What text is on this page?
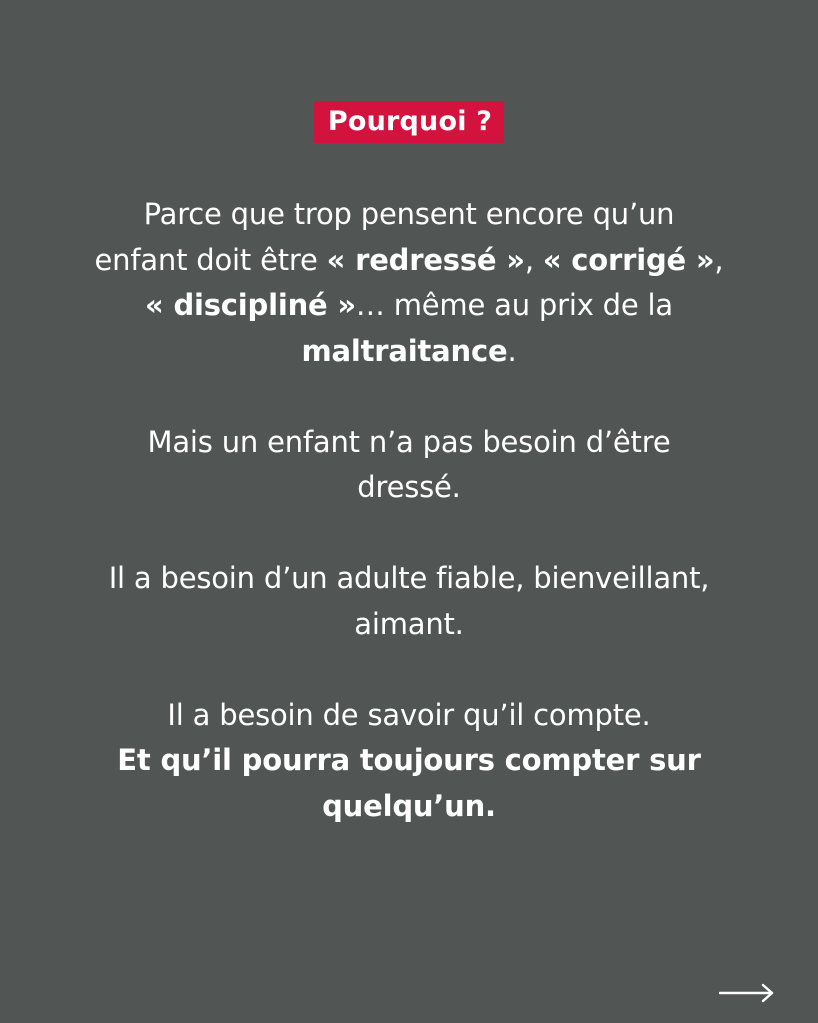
Pourquoi ?
Parce que trop pensent encore qu’un
enfant doit être « redressé », « corrigé »,
« discipliné »… même au prix de la
maltraitance.
Mais un enfant n’a pas besoin d’être
dressé.
Il a besoin d’un adulte fiable, bienveillant,
aimant.
Il a besoin de savoir qu’il compte.
Et qu’il pourra toujours compter sur
quelqu’un.
